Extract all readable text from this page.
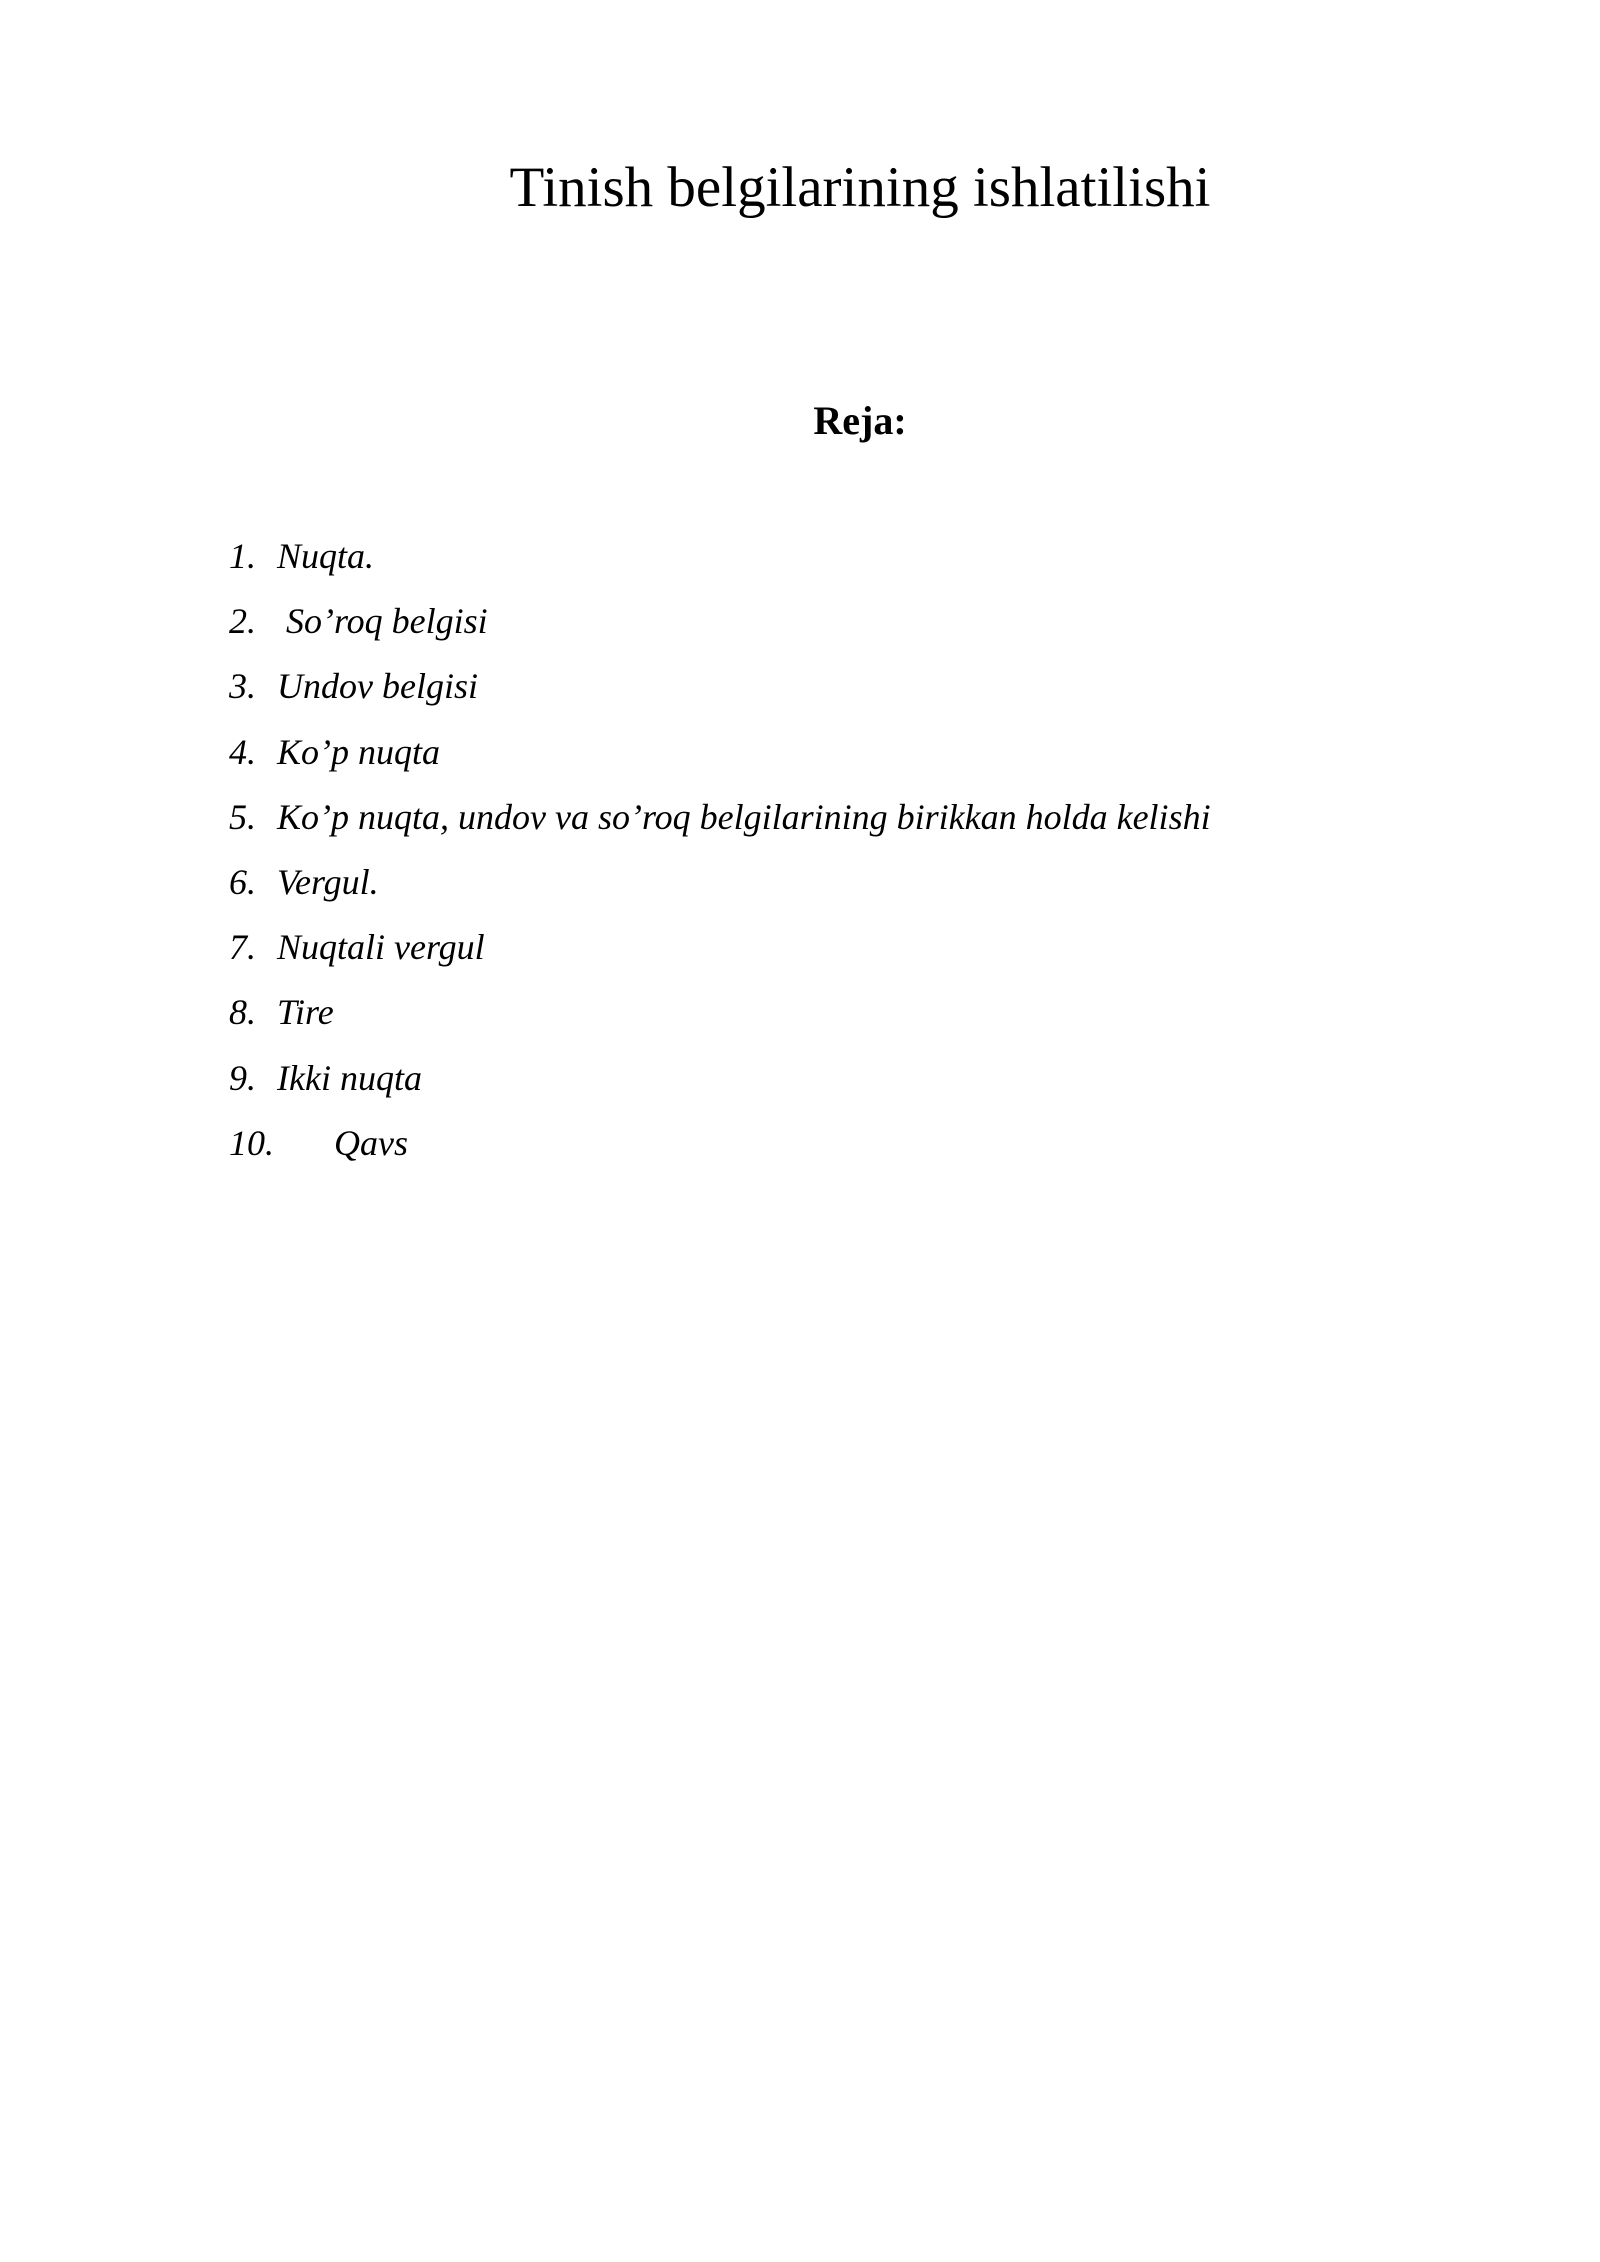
Tinish belgilarining ishlatilishi
Reja:
1. Nuqta.
2. So’roq belgisi
3. Undov belgisi
4. Ko’p nuqta
5. Ko’p nuqta, undov va so’roq belgilarining birikkan holda kelishi
6. Vergul.
7. Nuqtali vergul
8. Tire
9. Ikki nuqta
10. Qavs
